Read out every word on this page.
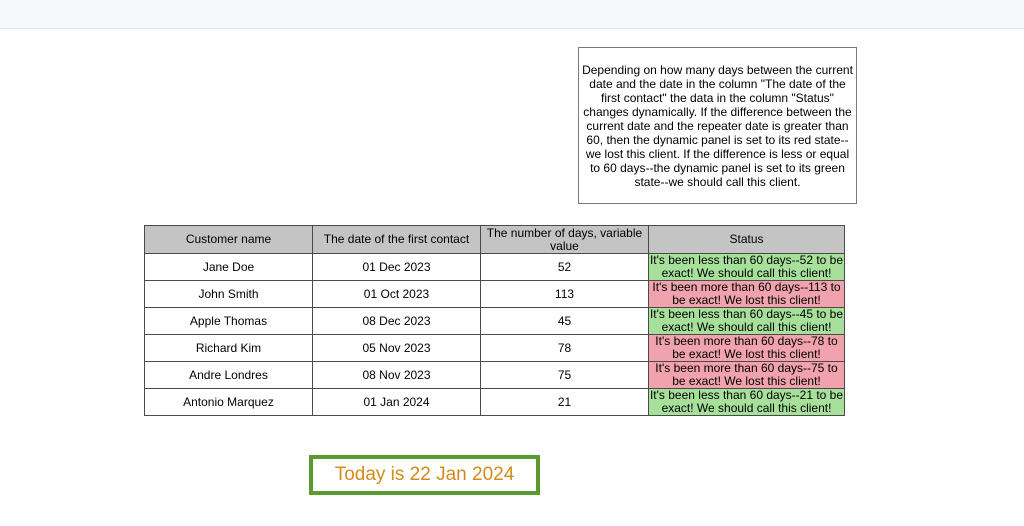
Depending on how many days between the current date and the date in the column "The date of the first contact" the data in the column "Status" changes dynamically. If the difference between the current date and the repeater date is greater than 60, then the dynamic panel is set to its red state--we lost this client. If the difference is less or equal to 60 days--the dynamic panel is set to its green state--we should call this client.
Customer name	The date of the first contact	The number of days, variable value	Status
Jane Doe	01 Dec 2023	52	It's been less than 60 days--52 to be exact! We should call this client!
John Smith	01 Oct 2023	113	It's been more than 60 days--113 to be exact! We lost this client!
Apple Thomas	08 Dec 2023	45	It's been less than 60 days--45 to be exact! We should call this client!
Richard Kim	05 Nov 2023	78	It's been more than 60 days--78 to be exact! We lost this client!
Andre Londres	08 Nov 2023	75	It's been more than 60 days--75 to be exact! We lost this client!
Antonio Marquez	01 Jan 2024	21	It's been less than 60 days--21 to be exact! We should call this client!
Today is 22 Jan 2024
